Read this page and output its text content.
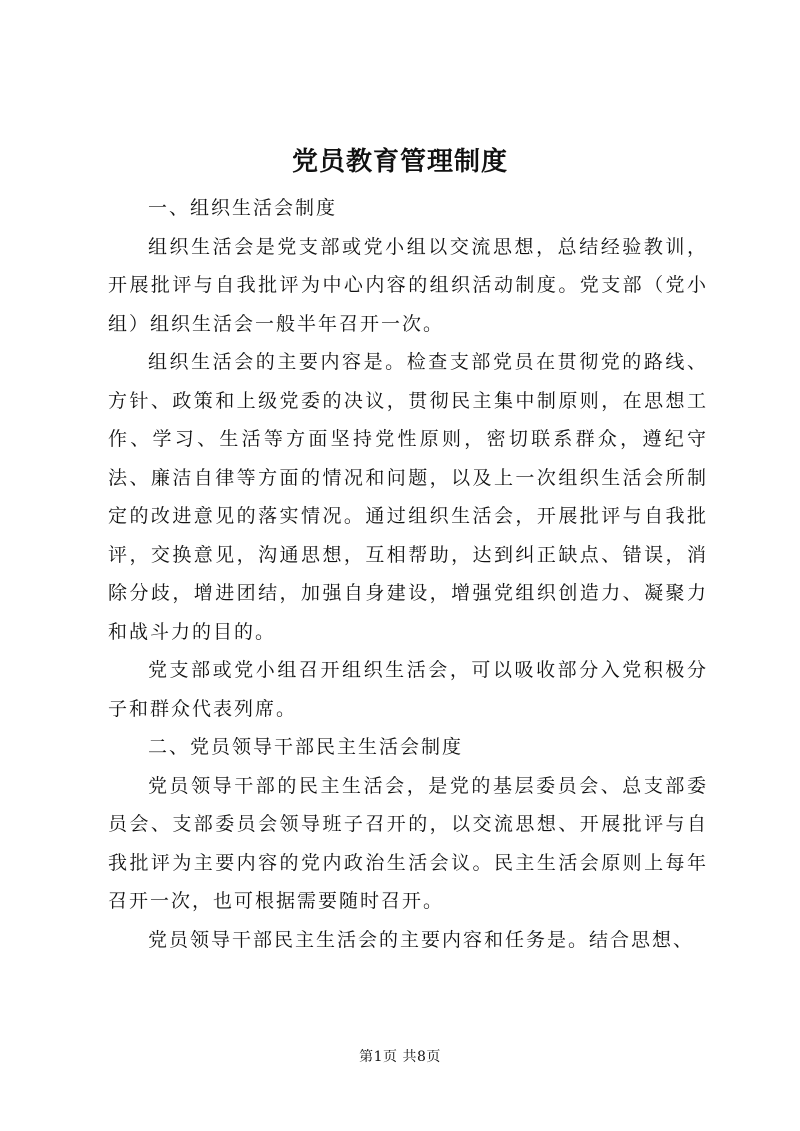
党员教育管理制度

一、组织生活会制度

组织生活会是党支部或党小组以交流思想，总结经验教训，开展批评与自我批评为中心内容的组织活动制度。党支部（党小组）组织生活会一般半年召开一次。

组织生活会的主要内容是。检查支部党员在贯彻党的路线、方针、政策和上级党委的决议，贯彻民主集中制原则，在思想工作、学习、生活等方面坚持党性原则，密切联系群众，遵纪守法、廉洁自律等方面的情况和问题，以及上一次组织生活会所制定的改进意见的落实情况。通过组织生活会，开展批评与自我批评，交换意见，沟通思想，互相帮助，达到纠正缺点、错误，消除分歧，增进团结，加强自身建设，增强党组织创造力、凝聚力和战斗力的目的。

党支部或党小组召开组织生活会，可以吸收部分入党积极分子和群众代表列席。

二、党员领导干部民主生活会制度

党员领导干部的民主生活会，是党的基层委员会、总支部委员会、支部委员会领导班子召开的，以交流思想、开展批评与自我批评为主要内容的党内政治生活会议。民主生活会原则上每年召开一次，也可根据需要随时召开。

党员领导干部民主生活会的主要内容和任务是。结合思想、

第1页 共8页
